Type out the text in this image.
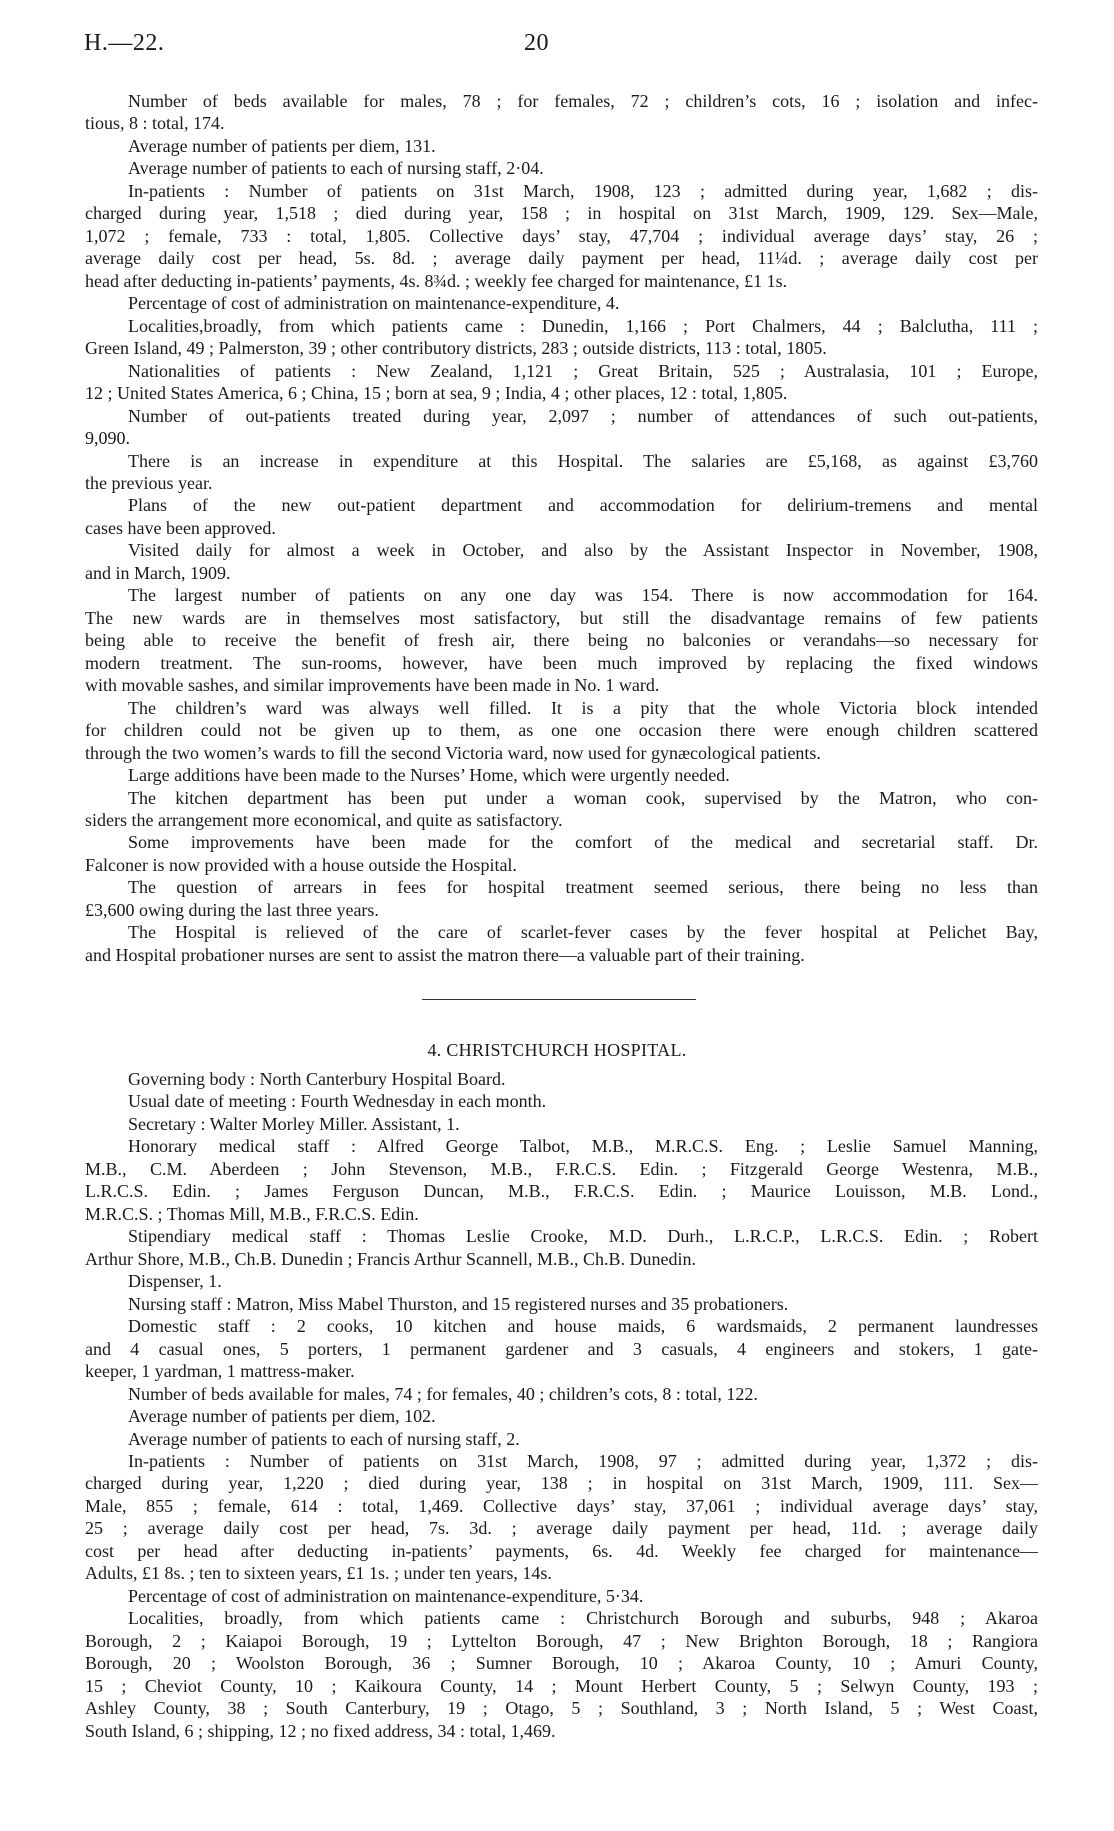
H.—22.	20
Number of beds available for males, 78 ; for females, 72 ; children’s cots, 16 ; isolation and infec-
tious, 8 : total, 174.
Average number of patients per diem, 131.
Average number of patients to each of nursing staff, 2·04.
In-patients : Number of patients on 31st March, 1908, 123 ; admitted during year, 1,682 ; dis-
charged during year, 1,518 ; died during year, 158 ; in hospital on 31st March, 1909, 129. Sex—Male,
1,072 ; female, 733 : total, 1,805. Collective days’ stay, 47,704 ; individual average days’ stay, 26 ;
average daily cost per head, 5s. 8d. ; average daily payment per head, 11¼d. ; average daily cost per
head after deducting in-patients’ payments, 4s. 8¾d. ; weekly fee charged for maintenance, £1 1s.
Percentage of cost of administration on maintenance-expenditure, 4.
Localities,broadly, from which patients came : Dunedin, 1,166 ; Port Chalmers, 44 ; Balclutha, 111 ;
Green Island, 49 ; Palmerston, 39 ; other contributory districts, 283 ; outside districts, 113 : total, 1805.
Nationalities of patients : New Zealand, 1,121 ; Great Britain, 525 ; Australasia, 101 ; Europe,
12 ; United States America, 6 ; China, 15 ; born at sea, 9 ; India, 4 ; other places, 12 : total, 1,805.
Number of out-patients treated during year, 2,097 ; number of attendances of such out-patients,
9,090.
There is an increase in expenditure at this Hospital. The salaries are £5,168, as against £3,760
the previous year.
Plans of the new out-patient department and accommodation for delirium-tremens and mental
cases have been approved.
Visited daily for almost a week in October, and also by the Assistant Inspector in November, 1908,
and in March, 1909.
The largest number of patients on any one day was 154. There is now accommodation for 164.
The new wards are in themselves most satisfactory, but still the disadvantage remains of few patients
being able to receive the benefit of fresh air, there being no balconies or verandahs—so necessary for
modern treatment. The sun-rooms, however, have been much improved by replacing the fixed windows
with movable sashes, and similar improvements have been made in No. 1 ward.
The children’s ward was always well filled. It is a pity that the whole Victoria block intended
for children could not be given up to them, as one one occasion there were enough children scattered
through the two women’s wards to fill the second Victoria ward, now used for gynæcological patients.
Large additions have been made to the Nurses’ Home, which were urgently needed.
The kitchen department has been put under a woman cook, supervised by the Matron, who con-
siders the arrangement more economical, and quite as satisfactory.
Some improvements have been made for the comfort of the medical and secretarial staff. Dr.
Falconer is now provided with a house outside the Hospital.
The question of arrears in fees for hospital treatment seemed serious, there being no less than
£3,600 owing during the last three years.
The Hospital is relieved of the care of scarlet-fever cases by the fever hospital at Pelichet Bay,
and Hospital probationer nurses are sent to assist the matron there—a valuable part of their training.
4. CHRISTCHURCH HOSPITAL.
Governing body : North Canterbury Hospital Board.
Usual date of meeting : Fourth Wednesday in each month.
Secretary : Walter Morley Miller. Assistant, 1.
Honorary medical staff : Alfred George Talbot, M.B., M.R.C.S. Eng. ; Leslie Samuel Manning,
M.B., C.M. Aberdeen ; John Stevenson, M.B., F.R.C.S. Edin. ; Fitzgerald George Westenra, M.B.,
L.R.C.S. Edin. ; James Ferguson Duncan, M.B., F.R.C.S. Edin. ; Maurice Louisson, M.B. Lond.,
M.R.C.S. ; Thomas Mill, M.B., F.R.C.S. Edin.
Stipendiary medical staff : Thomas Leslie Crooke, M.D. Durh., L.R.C.P., L.R.C.S. Edin. ; Robert
Arthur Shore, M.B., Ch.B. Dunedin ; Francis Arthur Scannell, M.B., Ch.B. Dunedin.
Dispenser, 1.
Nursing staff : Matron, Miss Mabel Thurston, and 15 registered nurses and 35 probationers.
Domestic staff : 2 cooks, 10 kitchen and house maids, 6 wardsmaids, 2 permanent laundresses
and 4 casual ones, 5 porters, 1 permanent gardener and 3 casuals, 4 engineers and stokers, 1 gate-
keeper, 1 yardman, 1 mattress-maker.
Number of beds available for males, 74 ; for females, 40 ; children’s cots, 8 : total, 122.
Average number of patients per diem, 102.
Average number of patients to each of nursing staff, 2.
In-patients : Number of patients on 31st March, 1908, 97 ; admitted during year, 1,372 ; dis-
charged during year, 1,220 ; died during year, 138 ; in hospital on 31st March, 1909, 111. Sex—
Male, 855 ; female, 614 : total, 1,469. Collective days’ stay, 37,061 ; individual average days’ stay,
25 ; average daily cost per head, 7s. 3d. ; average daily payment per head, 11d. ; average daily
cost per head after deducting in-patients’ payments, 6s. 4d. Weekly fee charged for maintenance—
Adults, £1 8s. ; ten to sixteen years, £1 1s. ; under ten years, 14s.
Percentage of cost of administration on maintenance-expenditure, 5·34.
Localities, broadly, from which patients came : Christchurch Borough and suburbs, 948 ; Akaroa
Borough, 2 ; Kaiapoi Borough, 19 ; Lyttelton Borough, 47 ; New Brighton Borough, 18 ; Rangiora
Borough, 20 ; Woolston Borough, 36 ; Sumner Borough, 10 ; Akaroa County, 10 ; Amuri County,
15 ; Cheviot County, 10 ; Kaikoura County, 14 ; Mount Herbert County, 5 ; Selwyn County, 193 ;
Ashley County, 38 ; South Canterbury, 19 ; Otago, 5 ; Southland, 3 ; North Island, 5 ; West Coast,
South Island, 6 ; shipping, 12 ; no fixed address, 34 : total, 1,469.
